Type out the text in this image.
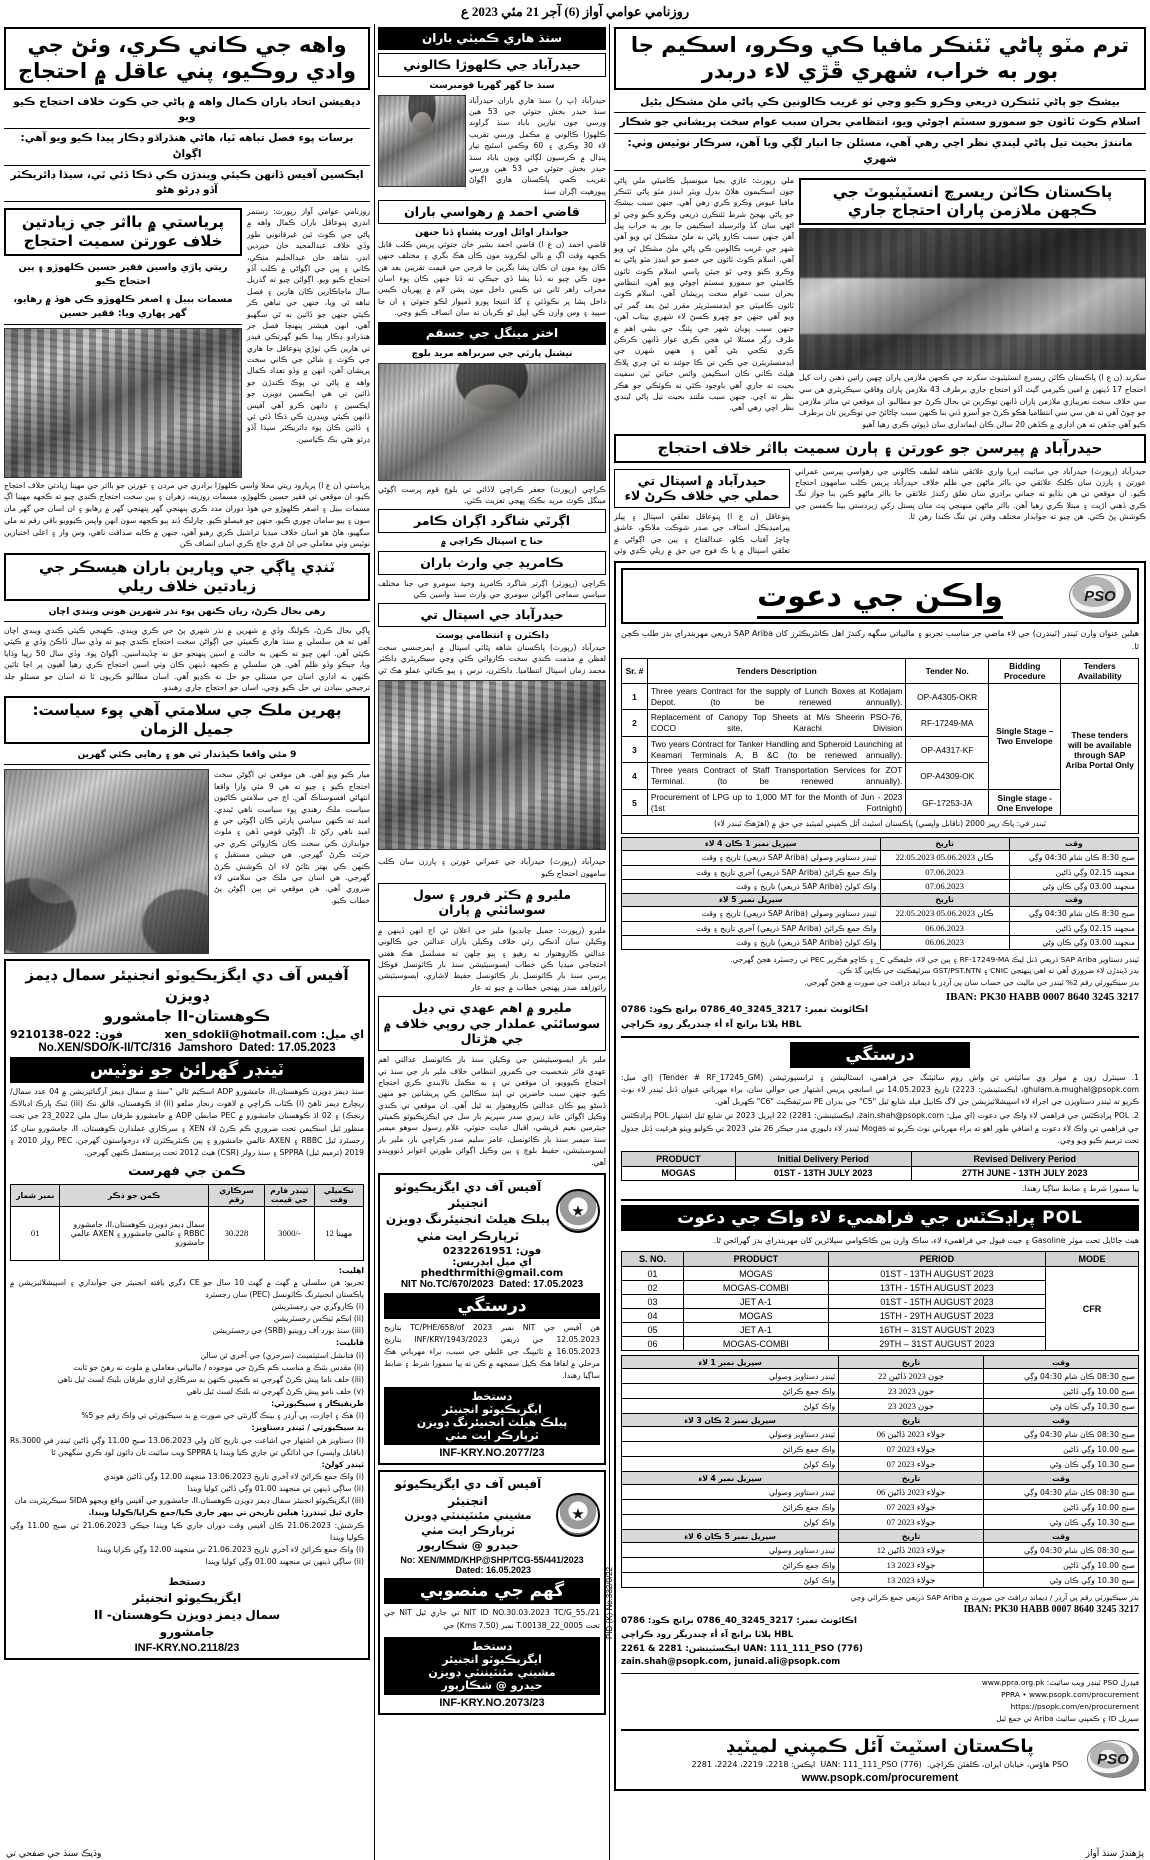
روزنامي عوامي آواز (6) آجر 21 مئي 2023 ع
واهه جي ڪاني ڪري، وئڻ جي وادي روڪيو، پني عاقل ۾ احتجاج
ديفيشن اتحاد باران ڪمال واهه ۾ پاڻي جي ڪوٽ خلاف احتجاج ڪيو ويو
برسات پوء فصل تباهه ٿيا، هاڻي هنڌراڌو ڊڪار پيدا ڪيو ويو آهي: اڳواڻ
ايڪسين آفيس ڏانهن ڪيئي ويندڙن ڪي ڌڪا ڏئي ٿي، سيڌا ڊائريڪٽر آڏو ڊرئو هڻو
پرياستي ۾ بااثر جي زيادتين خلاف عورتن سميت احتجاج
ريتي ڀاڙي واسين فقير حسين ڪلهوڙو ۽ ٻين احتجاج ڪيو
مسمات ببيل ۽ اصغر ڪلهوڙو ڪي هوڏ ۾ رهايو، گهر ڀهاري ويا: فقير حسين
روزنامي عوامي آواز رپورٽ: رستمر انڊري پنوعاقل باران ڪمال واهه ۾ پاڻي جي ڪوٽ ٿين غيرقانوني طور وڏي خلاف عبدالمجيد خان خيردين انڊر، شاهد خان عبدالحليم منڪي، ڪاني ۽ ٻين جي اڳواڻي ۾ ڪلب آڏو احتجاج ڪيو ويو. اڳوائن چيو ته گذريل سال ماجاڪارين ڪان هارين ۽ فصل تباهه ٿي ويا، جنهن جي تباهي ڪر ڪيئي جنهن جو ڏائين نه ٿي سگهيو آهي، انهن هيشنر پنهنجا فصل جر هنڌرادو ڊڪار پيدا ڪيو گهرتڪي فيدر تي هارين ڪي ٽوڙي پنوعاقل جا هاري جي ڪوٽ ۽ شاڻن جي ڪاني سخت پريشان آهن، انهن ۾ وڏو تعداد ڪمال واهه ۾ پاڻي تي ٻوڪ ڪندڙن جو ڏائين تي هي ايڪسين ڊويزن جو ايڪسين ۽ دانهن ڪرو آهي آفيس ڏانهن ڪيئي وينڊرن ڪي ڌڪا ڏئي ٿي ۽ ڏائين ڪان پوء ڊائريڪٽر سيڌا آڏو ڊرئو هڻي بڪ ڪياسين.
پرياستي (ن ع ا) پريارود ريتي محلا واسي ڪلهوڙا برادري جي مردن ۽ عورتن جو بااثر جي مهينا زيادتي خلاف احتجاج ڪيو، ان موقعي تي فقير حسين ڪلهوڙو، مسمات روزينه، زهران ۽ ٻين سخت احتجاج ڪندي چيو ته ڪجهه مهينا اڳ مسمات ببيل ۽ اصغر ڪلهوڙو جي هوڏ دوران مدد ڪري پنهنجي گهر پنهنجي گهر ۾ رهايو ۽ ان اسان جي گهر مان سون ۽ ٻيو سامان چوري ڪيو، جنهن جو فيصلو ڪيو. چارلڪ ڏند ٻيو ڪجهه سون انهن واپس ڪيوويو باقي رقم نه ملي سگهيو، هاڻ هو اسان خلاف ميڊيا تراشيل ڪري رهيو آهي، جنهن ۾ ڪابه صداقت ناهي، وس وار ۽ اعلى اختيارين نوٽيس وٺي معاملي جي اڻ قري جاچ ڪري اسان انصاف ڪن
ٽنڊي ڀاڳي جي وپارين باران هيسڪر جي زيادتين خلاف ريلي
رهي بحال ڪرڻ، ريان ڪنهن پوء نذر شهرين هوني ويندي اچان
ڀاڳي بحال ڪرڻ، ڪولنگ وڏي ۾ شهرين ۾ نذر شهري پڻ جي ڪري ويندي. ڪهنجي ڪيئي ڪندي ويندي اچان آهي ته هن سلسلي ۾ سنڌ هاري ڪميٽي جي اڳواڻن سخت احتجاج ڪندي چيو ته وڏي سال ڏاڪڻ وڏي ۾ ڪيئي ڪيئي آهن. انهن چيو ته ڪنهن به حالت ۾ اسين پنهنجو حق نه ڇڏينداسين. اڳواڻ پوء. وڏي سال 50 رپيا وڌايا ويا، جيڪو وڏو ظلم آهي. هن سلسلي ۾ ڪجهه ڏينهن ڪان وٺي اسين احتجاج ڪري رهيا آهيون پر اڃا تائين ڪنهن به اداري اسان جي مسئلي جو حل نه ڪڍيو آهي. اسان مطالبو ڪريون ٿا ته اسان جو مسئلو جلد ترجيحي بنيادن تي حل ڪيو وڃي. اسان جو احتجاج جاري رهندو.
ٻهرين ملڪ جي سلامتي آهي پوء سياست: جميل الزمان
9 مئي واقعا ڪيڏندار ٿي هو ۽ رهايي ڪئي گهرين
ميار ڪيو ويو آهي. هن موقعي تي اڳوڻن سخت احتجاج ڪيو ۽ چيو ته هي 9 مئي وارا واقعا انتهائي افسوسناڪ آهن. اڄ جي سلامتي ڪاڻيون سياست ملڪ رهندي پوء سياست ناهي ٿيندي. اميد ته ڪنهن سياسي پارٽي ڪان اڳوڻي جي ۾ اميد ناهي رکڻ ٿا. اڳوڻي قومي ڏهن ۽ ملوث جوابدارن ڪي سخت ڪان ڪاروائي ڪري جي جرئت ڪرڻ گهرجي. هي جيشن مستقبل ۽ ڪنهن ڪي بهتر بڻائڻ لاء اڻ ڪوشش ڪرڻ گهرجي. هي اسان جي ملڪ جي سلامتي لاء ضروري آهي. هن موقعي تي ٻين اڳوڻن پڻ خطاب ڪيو.
آفيس آف دي ايگزيڪيوٽو انجنيئر سمال ڊيمز ڊويزن
ڪوهستان-II جامشورو
اي ميل: xen_sdokii@hotmail.com
فون: 022-9210138
No.XEN/SDO/K-II/TC/316 Jamshoro Dated: 17.05.2023
ٽينڊر گهرائڻ جو نوٽيس
سنڌ ڊيمز ڊويزن ڪوهستان.II، جامشورو ADP اسڪيم ٿالي "سنڌ ۾ سمال ڊيمز آرگنائيزيشن ۾ 04 عدد سمال/ريچارج ڊيمز ٺاهڻ (i) ڪٽاب ڪراچي ۾ لاهوت رنجار ضلعو (ii) اڌ ڪوهستان، قالق نڪ (iii) ٽنڪ پارڪ اڊبالاڪ رنجڪ) ۽ 02 اڌ ڪوهستان جامشورو ۾ PEC ضابطن ADP ۾ جامشورو طرفان سال ملي 2022_23 جي تحت منظور ٿيل اسڪيمن تحت ضروري ڪم ڪرڻ لاء XEN ۽ سرڪاري عملدارن ڪوهستان. II، جامشورو سان گڏ رجسٽرڊ ٿيل RBBC ۽ AXEN عالمي جامشورو ۽ ٻين ڪنٽريڪٽرن لاء درخواستون گهرجن. PEC رولز 2010 ۽ 2019 (ترميم ٿيل) SPPRA ۽ سنڌ رولز (CSR) هيٺ 2012 تحت پرستعمل ڪنهن گهرجن.
ڪمن جي فهرست
تڪميلي وقت	ٽينڊر فارم جي قيمت	سرڪاري رقم	ڪمن جو ذڪر	نمبر شمار
12 مهينا	3000/-	30.228	سمال ڊيمز ڊويزن ڪوهستان.II، جامشورو RBBC ۽ عالمي جامشورو ۽ AXEN عالمي جامشورو	01
اهليت:
تجربو: هن سلسلي ۾ گهٽ ۾ گهٽ 10 سال جو CE ڊگري يافته انجنيئر جي جوابداري ۽ اسپيشلائيزيشن ۾ پاڪستان انجنيئرنگ ڪائونسل (PEC) سان رجسٽرڊ
(i) ڪاروگري جي رجسٽريشن
(ii) انڪم ٽيڪس رجسٽريشن
(iii) سنڌ بورڊ آف روينيو (SRB) جي رجسٽريشن
قابليت:
(i) فنانشل اسٽيٽمينٽ (سرجري) جي آخري ٽن سالن
(ii) مقدس بئنڪ ۾ مناسب ڪم ڪرڻ جي موجوده / ماليياتي معاملي ۾ ملوث نه رهڻ جو ثابت
(iii) حلف ناما پيش ڪرڻ گهرجي ته ڪمپني ڪنهن به سرڪاري اداري طرفان بليڪ لسٽ ٿيل ناهي
(v) حلف نامو پيش ڪرڻ گهرجي ته بلئڪ لسٽ ٿيل ناهي
طريقيڪار ۽ سيڪيورٽي:
(i) هڪ ۽ اجازت، پي آرڊر ۽ بينڪ گارنٽي جي صورت ۾ بد سيڪيورٽي تي واڪ رقم جو 5%
بد سيڪيورٽي / ٽينڊر دستاويز:
(i) دستاويز هن اشتهار جي اشاعت جي تاريخ کان ولي 13.06.2023 صبح 11.00 وڳي ڏاڻين ٽينڊر في Rs.3000 (ناقابل واپسي) جي ادائگي تي جاري ڪيا ويندا يا SPPRA ويب سائيٽ تان ڊائون لوڊ ڪري سگهجن ٿا
ٽينڊر کولڻ:
(i) واڪ جمع ڪرائڻ لاء آخري تاريخ 13.06.2023 منجهند 12.00 وڳي ڏاڻين هوندي
(ii) ساڳي ڏينهن تي منجهند 01.00 وڳي ڏاڻين کوليا ويندا
(iii) ايگزيڪيوٽو انجنيئر سمال ڊيمز ڊويزن ڪوهستان.II، جامشورو جي آفيس واقع ويجهو SIDA سيڪريٽريت مان
جاري ٿيل ٽينڊرز: هيلين تاريخن تي ٻيهر جاري ڪيا/جمع ڪرايا/ڪوليا ويندا.
ڪرشش: 21.06.2023 ڪان آفيس وقت دوران جاري ڪيا ويندا جيڪي 21.06.2023 تي صبح 11.00 وڳي ڪوليا ويندا
(i) واڪ جمع ڪرائڻ لاء آخري تاريخ 21.06.2023 تي منجهند 12.00 وڳي ڪرايا ويندا
(ii) ساڳي ڏينهن تي منجهند 01.00 وڳي کوليا ويندا
دستخط
ايگزيڪيوٽو انجنيئر
سمال ڊيمز ڊويزن ڪوهستان- II
جامشورو
INF-KRY.NO.2118/23
سنڌ هاري ڪميٽي باران
حيدرآباد جي ڪلهوڙا ڪالوني
سنڌ جا گهر گهريا قومبرست
حيدرآباد (پ ر) سنڌ هاري باران حيدرآباد سنڌ حيدر بخش جتوئي جي 53 هين ورسي جون تيارين باباد سنڌ گراونڊ ڪلهوڙا ڪالوني ۾ مڪمل ورسي تقريب لاء 30 وڪري ۽ 60 وڪمي اسٽيج تيار پنڊال ۾ ڪرسيون لڳائي ويون باباد سنڌ حيدر بخش جتوئي جي 53 هين ورسي تقريب ڪمي پاڪستان هاري اڳواڻ پيورهيت اڳران سنڌ
قاضي احمد ۾ رهواسي باران
جوابدار اوائل اورت پشنا۽ ڏنا جنهن
قاضي احمد (ن ع ا) قاضي احمد بشير خان جتوئي پريس ڪلب قابل ڪجهه وقت اڳ ۾ نالي لڪروند مون ڪان هڪ بگري ۽ مختلف جنهن ڪان پوء مون ان ڪان پشا بگرين جا فرجن جي قيمت تقريبن بعد هن مون ڪي چيو ته ڏنا پشا ڏي جيڪي ته ڏنا جنهن ڪان پوء اسان محراب راهر ٿاني تي ڪيس داخل مون پشن لام ۾ ڀهريان ڪيس داخل پشا پر نڪوڏئي ۽ گڏ انتيجا پورو ڏميوار لڪو جتوئي ۽ ان جا سپيڊ ۽ وس وارن ڪي اپيل ٿو ڪربان ته سان انصاف ڪيو وڃي.
اختر مينگل جي جسقم
نيشنل پارٽي جي سربراهه مريد بلوچ
ڪراچي (رپورٽ) جعفر ڪراچي لاڏائي تي بلوچ قوم پرست اڳوڻي مينگل ڪوٽ مريد بڪڪ ڀهجي تعزيت ڪئي.
اڳرٿي شاگرد اڳران ڪامر
جنا ح اسپتال ڪراچي ۾
ڪامريڊ جي وارث باران
ڪراچي (رپورٽر) اڳرتر شاگرد ڪامريڊ وحيد سومرو جي جنا مختلف سياسي سماجي اڳوائن سومري جي وارث سنڌ واسين ڪي
حيدرآباد جي اسپتال تي
ڊاڪٽرن ۽ انتظامي پوسٽ
حيدرآباد (رپورٽ) پاڪستان شاهه پٿائي اسپتال ۾ ايمرجنسي سخت لفظن ۾ مذمت ڪندي سخت ڪاروائي ڪئي وڃي سيڪريٽري ڊاڪٽر محمد زمان اسپتال انتظاميا. ڊاڪٽرن، نرس ۽ ٻيو ڪنائي عملو هڪ ٿي
حيدرآباد (رپورٽ) حيدرآباد جي عمراني عورتن ۽ پارزن سان ڪلب سامهون احتجاج ڪيو
مليرو ۾ ڪٽر فرور ۽ سول سوسائٽي ۾ پاران
مليرو (رپورٽ: جميل چانڊيو) ملير جي اعلان ٿي اڄ انهن ڏينهن ۾ وڪيلن سان آڌنڪي رئي خلاف وڪيلن ياران عدالتن جي ڪالوني عدالتي ڪاروهتوار نه رهيو ۽ ٻيو جلهن ته مسلسل هڪ هفتي احتجاجي ميڊيا ڪي خطاب ايسوسيئيشن سنڌ بار ڪائونسل فوڪل پرسن سنڌ بار ڪائونسل بار ڪائونسل حفيظ لاشاري، ايسوسيئيشن رائوزاهد صدر پهنجي خطاب ۾ چيو ته عار
مليرو ۾ اهم عهدي تي ڊيل سوسائٽي عملدار جي روپي خلاف ۾ جي هڙتال
ملير بار ايسوسيئيشن جي وڪيلن سنڌ بار ڪائونسل عدالتي اهم عهدي فائز شخصيت جي ڪمزور انتظامن خلاف ملير بار جي سنڌ تي احتجاج ڪيوويو، ان موقعي تي ۽ به مڪمل نالابندي ڪري احتجاج ڪيو، جنهن سبب حاضرين تي اپنڊ سڪالين ڪي پريشانين جو منهن ڏسڻو پيو ڪان عدالتي ڪاروهتوار نه ٿيل آهي. ان موقعي تي ڪندي وڪيل اڳوائن عابد زبيري صدر سپريم بار سل جي ايڪزيڪيوٽو ڪميٽي جيئرمين نعيم قريشي، اقبال عنايت جتوئي، غلام رسول سوهو ميمبر سنڌ ميمبر سنڌ بار ڪائونسل، عامر سليم صدر ڪراچي بار، ملير بار ايسوسيئيشن، حفيظ بلوچ ۽ ٻين وڪيل اڳوائن طورتي اعوانر ڏنوويندو آهي.
★
آفيس آف دي ايگزيڪيوٽو انجنيئر
پبلڪ هيلٿ انجنيئرنگ ڊويزن ٽرپارڪر ايت مٺي
فون: 0232261951
اي ميل ايڊريس: phedthrmithi@gmail.com
NIT No.TC/670/2023 Dated: 17.05.2023
درستگي
هن آفيس جي NIT نمبر TC/PHE/658/of 2023 بتاريخ 12.05.2023 جي ذريعي INF/KRY/1943/2023 بتاريخ 16.05.2023 ۾ ٽائيپنگ جي غلطي جي سبب، براء مهرباني هڪ مرحلي ۾ لفافا هڪ ڪيل سمجهه ۾ ڪن ته ٻيا سمورا شرط ۽ ضابط ساڳيا رهندا.
دستخط
ايگزيڪيوٽو انجنيئر
پبلڪ هيلٿ انجنيئرنگ ڊويزن
ٽرپارڪر ايت مٺي
INF-KRY.NO.2077/23
★
آفيس آف دي ايگزيڪيوٽو انجنيئر
مشيني مئنٽيننٽي ڊويزن ٽرپارڪر ايت مٺي
حيدرو @ شڪارپور
No: XEN/MMD/KHP@SHP/TCG-55/441/2023  Dated: 16.05.2023
گهم جي منصوبي
NIT ID NO.30.03.2023 TC/G_55./21 تي جاري ٿيل NIT جي تحت T.00138_22_0005 نمبر (7.50 Kms) جي
دستخط
ايگزيڪيوٽو انجنيئر
مشيني مئنٽيننٽي ڊويزن
حيدرو @ شڪارپور
INF-KRY.NO.2073/23
ترم مٽو پاڻي ٽئنڪر مافيا ڪي وڪرو، اسڪيم جا بور به خراب، شهري ڦڙي لاء دربدر
بيشڪ جو پاڻي ٽئنڪرن ذريعي وڪرو ڪيو وڃي ٿو غريب ڪالونين ڪي پاڻي ملڻ مشڪل بڻيل
اسلام ڪوٽ ٽائون جو سمورو سسٽم اڄوڻي ويو، انتظامي بحران سبب عوام سخت پريشاني جو شڪار
مانندڙ بحيت تيل پاڻي ليندي نظر اچي رهي آهي، مسئلن جا انبار لڳي ويا آهن، سرڪار نوٽيس وٺي: شهري
ملي رپورٽ: غازي بجيا ميونسپل ڪاميٽي ملي پاڻي جون اسڪيمون هلاڻ بدرل ويٽر ابنڊز مٽو پاڻي ٽئنڪر مافيا عيوض وڪرو ڪري رهي آهي. جنهن سبب بيشڪ جو پاڻي بهجڻ شرط ٽئنڪرن ذريعي وڪرو ڪيو وڃي ٿو اڻهي سان گڏ وائرسيلڊ اسڪيمن جا بور به خراب پيل آهن جنهن سبب ڪارو پاڻي به ملڻ مشڪل ٿي ويو آهي شهر جي غريب ڪالونين ڪي پاڻي ملڻ مشڪل ٿي ويو آهي. اسلام ڪوٽ ٽائون جي حصو جو ابنڊز مٽو پاڻي به وڪرو ڪيو وڃي ٿو جيئن پاسي اسلام ڪوٽ ٽائون ڪاميٽي جو سمورو سسٽم اڄوڻي ويو آهي، انتظامي بحران سبب عوام سخت پريشان آهي. اسلام ڪوٽ ٽائون ڪاميٽي جو ايڊمنسٽريٽر مقرر ٿيڻ بعد گمر ٿي ويو آهي جنهن جو ڇهرو ڪسڻ لاء شهري بيتاب آهن، جنهن سبب پويان شهر جي پٽنگ جي بشي اهم ۾ طرف رڳر مسئلا ٿي هجن ڪري عوار ڏانهن ڪرڪن ڪري تڪجي بڻي آهي ۽ هنهي شهرن جي ايڊمنسٽريٽرن جي ڪنن تي ڪا جوئنڊ نه ٿي چري پلاڪ هيلٿ ڪاني ڪان اسڪيمن وائس حياتي ٽين سميت بحيت ته جاري آهي باوجود ڪٿي نه ڪوٽڪي جو هڪر نظر ته اچي. جنهن سبب ملتنڊ بحيت تيل پاڻي ليندي نظر اچي رهي آهي.
پاڪستان ڪاٽن ريسرچ انسٽيٽيوٽ جي ڪجهن ملازمن پاران احتجاج جاري
سکرند (ن ع ا) پاڪستان ڪاٽن ريسرچ انسٽيٽيوٽ سکرند جي ڪجهن ملازمن پاران ڇهين راتين ذهنن رات کيل احتجاج 17 ڏينهن ۾ امين ڪيرمي گيٽ آڏو احتجاج جاري برطرف 43 ملازمن پاران وفاقي سيڪريٽري هن سي سي خلاف سخت نعريبازي ملازمن پاران ڏانهن توڪرين تي بحال ڪرڻ جو مطالبو. ان موقعي تي متاثر ملازمن جو چوڻ آهي ته هن سي سي انتظاميا هڪو ڪرڻ جو آسرو ڏني بنا ڪنهن سبب ڄاڻائڻ جي توڪرين تان برطرف ڪيو آهي جڏهن ته هن اداري ۾ ڪڏهن 20 سالن ڪان ايمانداري سان ڏيوٽي ڪري رهيا آهيو
حيدرآباد ۾ پيرسن جو عورتن ۽ ٻارن سميت بااثر خلاف احتجاج
حيدرآباد ۾ اسپتال تي حملي جي خلاف ڪرڻ لاء
پنوعاقل (ن ع ا) پنوعاقل تعلقي اسپتال ۽ پيلز پيراميڊيڪل اسٽاف جي صدر شوڪت ملاڪو، عاشق چاچڙ آفتاب ڪلو، عبدالفتاح ۽ ٻين جي اڳواڻي ۾ تعلقي اسپتال ۾ يا ڪ فوج جي حق ۾ ريلي ڪڍي وئي
حيدرآباد (رپورٽ) حيدرآباد جي سائيت ايريا واري علائقي شاهه لطيف ڪالوني جي رهواسي پيرسن عمراني عورتن ۽ ٻارزن سان ڪلڪ علائقي جي بااثر ماڻهن جي ظلم خلاف حيدرآباد پريس ڪلب سامهون احتجاج ڪيو. ان موقعي تي هن بڌايو ته جماني برادري سان تعلق رکندڙ علائقي جا بااثر ماڻهو ڪين بنا جواز تنگ ڪري ڏهني اڙيت ۽ مبتلا ڪري رهيا آهن. بااثر ماڻهن منهنجي پٽ متان پستل رکي زبردستي بيٺا ڪمسن جي ڪوشش پڻ ڪئي. هن چيو ته جوابدار مختلف وقتن تي تنگ ڪندا رهن ٿا.
PSO
واڪن جي دعوت
هيلين عنوان وارن ٽينڊر (ٽينڊرن) جي لاء ماضي جر مناسب تجربو ۽ ماليياتي سگهه رکندڙ اهل ڪانٽريڪٽرز کان SAP Ariba ذريعي مهربندراي بدز طلب ڪجن ٿا.
Sr. #	Tenders Description	Tender No.	Bidding Procedure	Tenders Availability
1	Three years Contract for the supply of Lunch Boxes at Kotlajam Depot. (to be renewed annually).	OP-A4305-OKR	Single Stage – Two Envelope	These tenders will be available through SAP Ariba Portal Only
2	Replacement of Canopy Top Sheets at M/s Sheerin PSO-76, COCO site, Karachi Division	RF-17249-MA		
3	Two years Contract for Tanker Handling and Spheroid Launching at Keamari Terminals A, B &C (to be renewed annually).	OP-A4317-KF		
4	Three years Contract of Staff Transportation Services for ZOT Terminal. (to be renewed annually).	OP-A4309-OK		
5	Procurement of LPG up to 1,000 MT for the Month of Jun - 2023 (1st Fortnight)	GF-17253-JA	Single stage - One Envelope	
ٽينڊر في: پاڪ رپيز 2000 (ناقابل واپسي) پاڪستان اسٽيٽ آئل ڪمپني لميٽيڊ جي حق ۾ (اهڙهڪ ٽينڊر لاء)
وقت	تاريخ	سيريل نمبر 1 ڪان 4 لاء
صبح 8:30 ڪان شام 04:30 وڳي	22.05.2023 ڪان 05.06.2023	ٽينڊر دستاويز وصولي (SAP Ariba ذريعي) تاريخ ۽ وقت
منجهند 02.15 وڳي ڏاڻين	07.06.2023	واڪ جمع ڪرائڻ (SAP Ariba ذريعي) آخري تاريخ ۽ وقت
منجهند 03.00 وڳي ڪان وڻي	07.06.2023	واڪ کولڻ (SAP Ariba ذريعي) تاريخ ۽ وقت
وقت	تاريخ	سيريل نمبر 5 لاء
صبح 8:30 ڪان شام 04:30 وڳي	22.05.2023 ڪان 05.06.2023	ٽينڊر دستاويز وصولي (SAP Ariba ذريعي) تاريخ ۽ وقت
منجهند 02.15 وڳي ڏاڻين	06.06.2023	واڪ جمع ڪرائڻ (SAP Ariba ذريعي) آخري تاريخ ۽ وقت
منجهند 03.00 وڳي ڪان وڻي	06.06.2023	واڪ کولڻ (SAP Ariba ذريعي) تاريخ ۽ وقت
ٽينڊر دستاويز SAP Ariba ذريعي ڏنل ليڪ RF-17249-MA ۽ ٻين جي لاء، خليفڪي C_ ۽ ڪاڇو هڪريز PEC تي رجسٽرڊ هجڻ گهرجي.
بدز ڏيندڙن لاء ضروري آهي ته اهي پنهنجي CNIC ۽ GST/PST.NTN سرٽيفڪيٽ جي ڪاپي گڏ ڪن.
بدز سيڪيورٽي رقم 2% ٽينڊر جي ماليت جي حساب سان پي آرڊر يا ڊيمانڊ ڊرافٽ جي صورت ۾ هجڻ گهرجي.
IBAN: PK30 HABB 0007 8640 3245 3217
اڪائونٽ نمبر: 3217_3245_40_0786 برانچ ڪوڊ: 0786
HBL پلاٽا برانچ آء أء چندريگر رود ڪراچي
درستگي
1. سينٽرل زون ۾ مولر وي سائيٽس تي واش روم سائيٽنگ جي فراهمي، انسٽاليشن ۽ ٽرانسپورٽيشن (Tender # RF_17245_GM) (اي ميل: ghulam.a.mughal@psopk.com، ايڪسٽينشن: 2223) تاريخ 14.05.2023 تي اسانجي پريس اشتهار جي حوالي سان، براء مهرباني عنوان ڏنل ٽينڊر لاء نوٽ ڪريو ته ٽينڊر دستاويزن جي اجراء لاء اسپيشلائيزيشن جي لاگ ڪابيل فيلڊ شايع ٿيل "C5" جي بدران PE سرٽيفڪيٽ "C6" ڪهربل آهي.
2. POL پراڊڪٽس جي فراهمي لاء واڪ جي دعوت (اي ميل: zain.shah@psopk.com، ايڪسٽينشن: 2281) 22 اپريل 2023 تي شايع ٿيل اشتهار POL پراڊڪٽس جي فراهمي تي واڪ لاء دعوت ۾ اضافي طور اهو ته براء مهرباني نوٽ ڪريو ته Mogas ٽينڊر لاء ڊليوري مدر جيڪر 26 مئي 2023 تي ڪوليو ويٺو هرغيت ڏنل جدول تحت ترميم ڪيو ويو وڃي.
PRODUCT	Initial Delivery Period	Revised Delivery Period
MOGAS	01ST - 13TH JULY 2023	27TH JUNE - 13TH JULY 2023
بيا سمورا شرط ۽ ضابط ساڳيا رهندا.
POL پراڊڪٽس جي فراهميء لاء واڪ جي دعوت
هيٺ ڄاڻايل تحت موٽر Gasoline ۽ جيت فيول جي فراهميء لاء، ساڪ وارن ٻين ڪاڪوامي سپلائرين کان مهربندراي بدز گهرائجن ٿا.
S. NO.	PRODUCT	PERIOD	MODE
01	MOGAS	01ST - 13TH AUGUST 2023	CFR
02	MOGAS-COMBI	13TH - 15TH AUGUST 2023	
03	JET A-1	01ST - 15TH AUGUST 2023	
04	MOGAS	15TH - 29TH AUGUST 2023	
05	JET A-1	16TH – 31ST AUGUST 2023	
06	MOGAS-COMBI	29TH – 31ST AUGUST 2023	
وقت	تاريخ	سيريل نمبر 1 لاء
صبح 08:30 ڪان شام 04:30 وڳي	22 جون 2023 ڏاڻين	ٽينڊر دستاويز وصولي
صبح 10.00 وڳي ڏاڻين	23 جون 2023	واڪ جمع ڪرائڻ
صبح 10.30 وڳي ڪان وڻي	23 جون 2023	واڪ کولڻ
وقت	تاريخ	سيريل نمبر 2 ڪان 3 لاء
صبح 08:30 ڪان شام 04:30 وڳي	06 جولاء 2023 ڏاڻين	ٽينڊر دستاويز وصولي
صبح 10.00 وڳي ڏاڻين	07 جولاء 2023	واڪ جمع ڪرائڻ
صبح 10.30 وڳي ڪان وڻي	07 جولاء 2023	واڪ کولڻ
وقت	تاريخ	سيريل نمبر 4 لاء
صبح 08:30 ڪان شام 04:30 وڳي	06 جولاء 2023 ڏاڻين	ٽينڊر دستاويز وصولي
صبح 10.00 وڳي ڏاڻين	07 جولاء 2023	واڪ جمع ڪرائڻ
صبح 10.30 وڳي ڪان وڻي	07 جولاء 2023	واڪ کولڻ
وقت	تاريخ	سيريل نمبر 5 ڪان 6 لاء
صبح 08:30 ڪان شام 04:30 وڳي	12 جولاء 2023 ڏاڻين	ٽينڊر دستاويز وصولي
صبح 10.00 وڳي ڏاڻين	13 جولاء 2023	واڪ جمع ڪرائڻ
صبح 10.30 وڳي ڪان وڻي	13 جولاء 2023	واڪ کولڻ
بدز سيڪيورٽي رقم پي آرڊر / ڊيمانڊ ڊرافٽ جي صورت ۾ SAP Ariba ذريعي جمع ڪرائي وڃي
IBAN: PK30 HABB 0007 8640 3245 3217
اڪائونٽ نمبر: 3217_3245_40_0786 برانچ ڪوڊ: 0786
HBL پلاٽا برانچ آء أء چندريگر رود ڪراچي
UAN: 111_111_PSO (776) ايڪسٽينشن: 2281 & 2261
zain.shah@psopk.com, junaid.ali@psopk.com
فيڊرل PSO ٽينڊر ويب سائيٽ: www.ppra.org.pk
PPRA • www.psopk.com/procurement
https://psopk.com/en/procurement
سيريل ID ۽ ڪمپني سائيٽ Ariba تي جمع ٿيل
PID (K) No.332/0/22
PSO
پاڪستان اسٽيٽ آئل ڪمپني لميٽيڊ
PSO هاؤس، خيابان ايران، ڪلفٽن ڪراچي.  UAN: 111_111_PSO (776)  ايڪس: 2218، 2219، 2224، 2281
www.psopk.com/procurement
پڙهندڙ سنڌ آواز
وڌيڪ سنڌ جي صفحي تي
